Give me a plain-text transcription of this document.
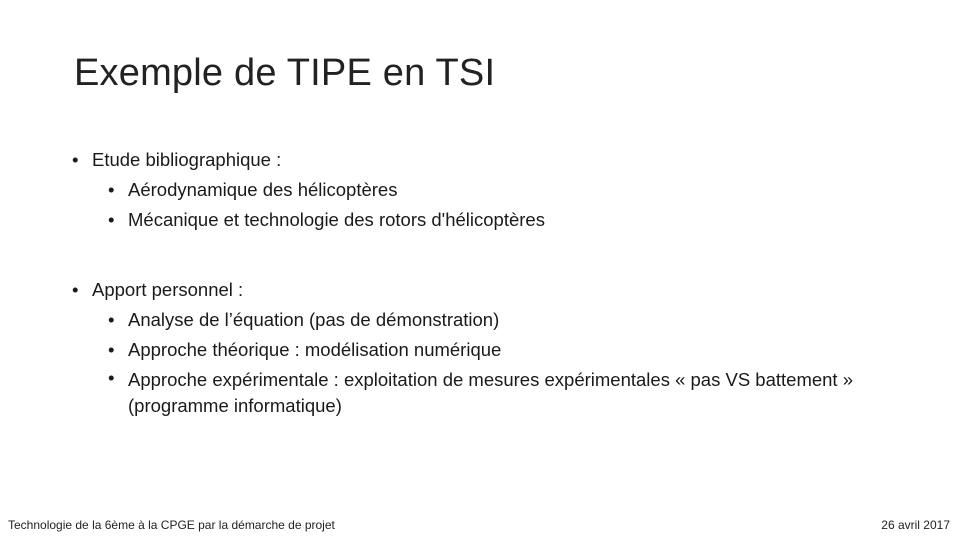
Exemple de TIPE en TSI
• Etude bibliographique :
• Aérodynamique des hélicoptères
• Mécanique et technologie des rotors d'hélicoptères
• Apport personnel :
• Analyse de l’équation (pas de démonstration)
• Approche théorique : modélisation numérique
• Approche expérimentale : exploitation de mesures expérimentales « pas VS battement » (programme informatique)
Technologie de la 6ème à la CPGE par la démarche de projet	26 avril 2017
